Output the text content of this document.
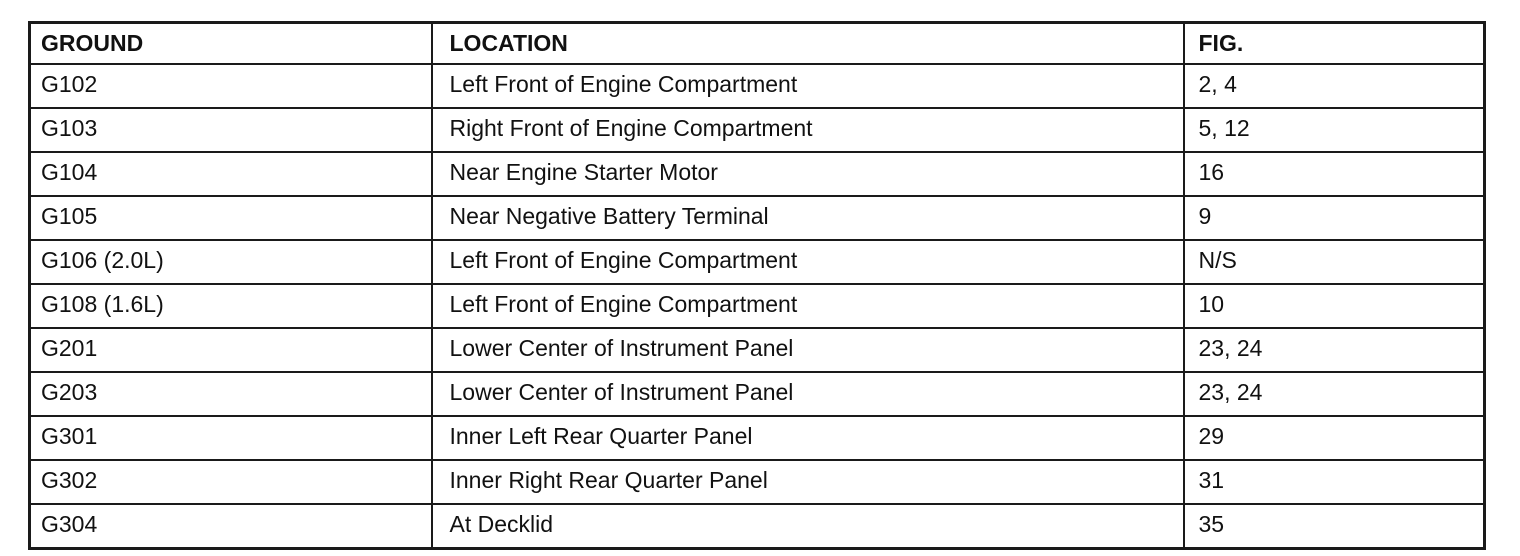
GROUND	LOCATION	FIG.
G102	Left Front of Engine Compartment	2, 4
G103	Right Front of Engine Compartment	5, 12
G104	Near Engine Starter Motor	16
G105	Near Negative Battery Terminal	9
G106 (2.0L)	Left Front of Engine Compartment	N/S
G108 (1.6L)	Left Front of Engine Compartment	10
G201	Lower Center of Instrument Panel	23, 24
G203	Lower Center of Instrument Panel	23, 24
G301	Inner Left Rear Quarter Panel	29
G302	Inner Right Rear Quarter Panel	31
G304	At Decklid	35
